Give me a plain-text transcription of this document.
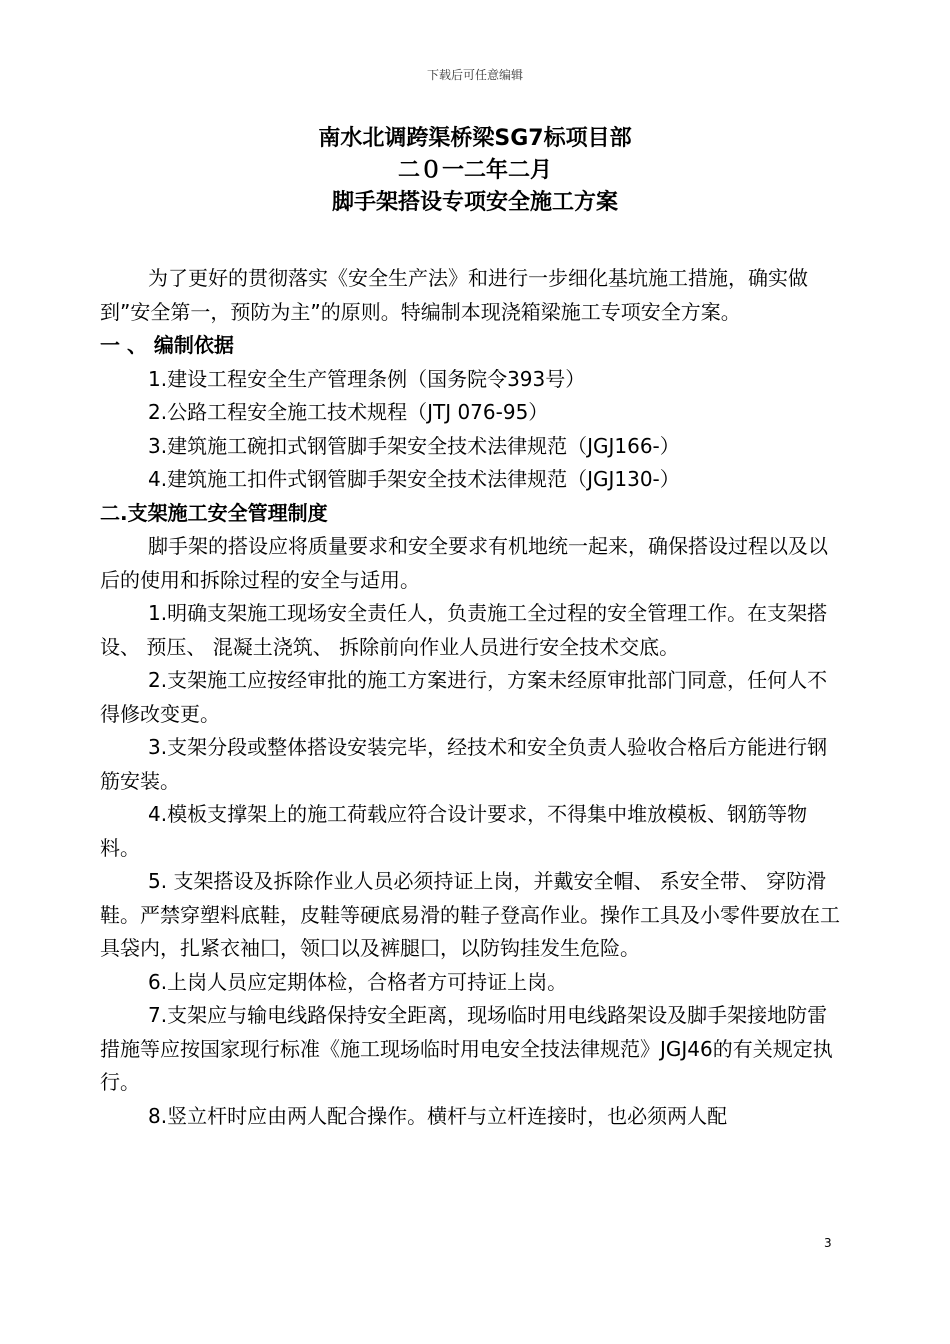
下载后可任意编辑
南水北调跨渠桥梁SG7标项目部
二０一二年二月
脚手架搭设专项安全施工方案

为了更好的贯彻落实《安全生产法》和进行一步细化基坑施工措施，确实做到”安全第一，预防为主”的原则。特编制本现浇箱梁施工专项安全方案。

一 、 编制依据

1.建设工程安全生产管理条例（国务院令393号）

2.公路工程安全施工技术规程（JTJ 076-95）

3.建筑施工碗扣式钢管脚手架安全技术法律规范（JGJ166-）

4.建筑施工扣件式钢管脚手架安全技术法律规范（JGJ130-）

二.支架施工安全管理制度

脚手架的搭设应将质量要求和安全要求有机地统一起来，确保搭设过程以及以后的使用和拆除过程的安全与适用。

1.明确支架施工现场安全责任人，负责施工全过程的安全管理工作。在支架搭设、 预压、 混凝土浇筑、 拆除前向作业人员进行安全技术交底。

2.支架施工应按经审批的施工方案进行，方案未经原审批部门同意，任何人不得修改变更。

3.支架分段或整体搭设安装完毕，经技术和安全负责人验收合格后方能进行钢筋安装。

4.模板支撑架上的施工荷载应符合设计要求，不得集中堆放模板、钢筋等物料。

5. 支架搭设及拆除作业人员必须持证上岗，并戴安全帽、 系安全带、 穿防滑鞋。严禁穿塑料底鞋，皮鞋等硬底易滑的鞋子登高作业。操作工具及小零件要放在工具袋内，扎紧衣袖囗，领囗以及裤腿囗，以防钩挂发生危险。

6.上岗人员应定期体检，合格者方可持证上岗。

7.支架应与输电线路保持安全距离，现场临时用电线路架设及脚手架接地防雷措施等应按国家现行标准《施工现场临时用电安全技法律规范》JGJ46的有关规定执行。

8.竖立杆时应由两人配合操作。横杆与立杆连接时，也必须两人配

3
